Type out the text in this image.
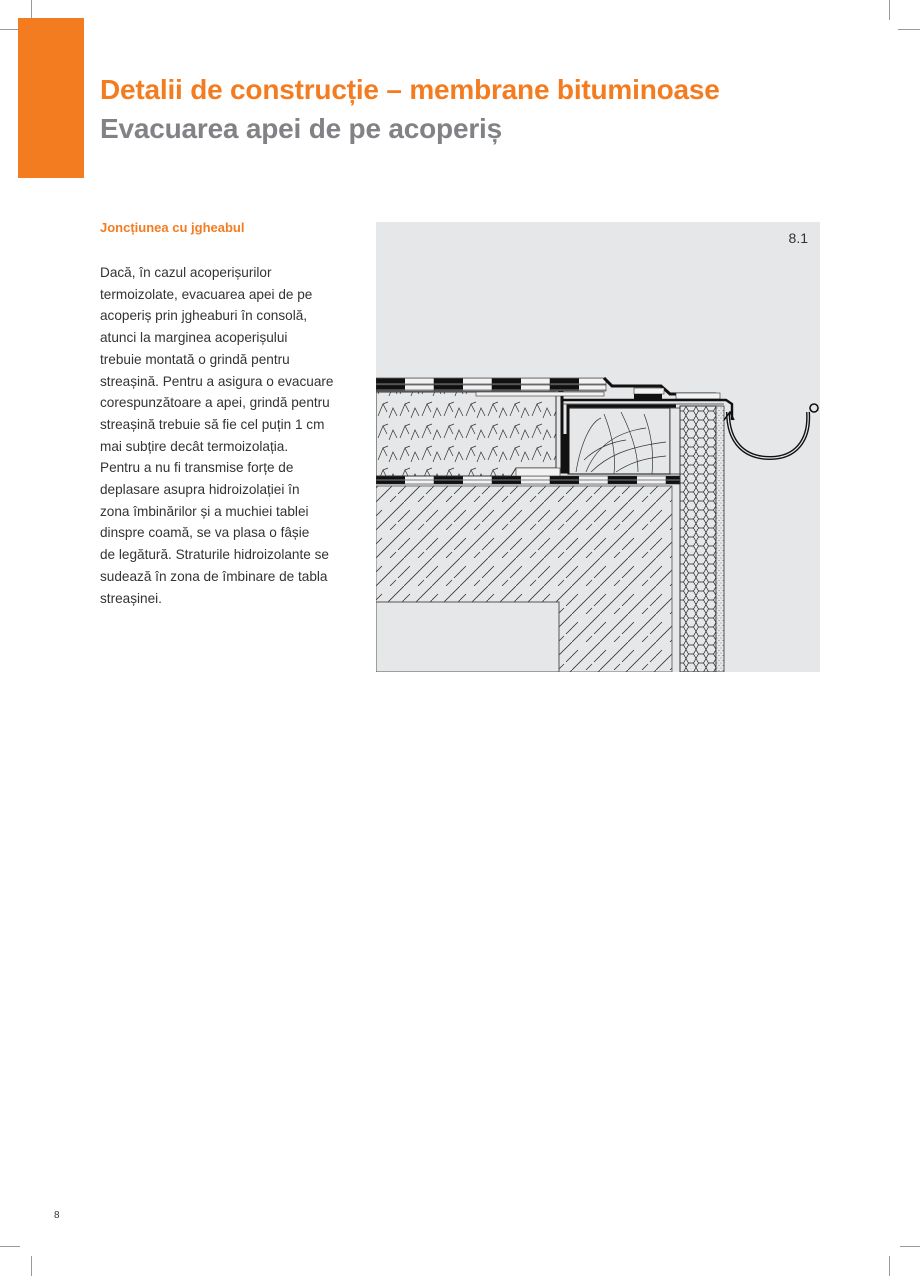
Detalii de construcție – membrane bituminoase
Evacuarea apei de pe acoperiș
Joncțiunea cu jgheabul
Dacă, în cazul acoperișurilor
termoizolate, evacuarea apei de pe
acoperiș prin jgheaburi în consolă,
atunci la marginea acoperișului
trebuie montată o grindă pentru
streașină. Pentru a asigura o evacuare
corespunzătoare a apei, grindă pentru
streașină trebuie să fie cel puțin 1 cm
mai subțire decât termoizolația.
Pentru a nu fi transmise forțe de
deplasare asupra hidroizolației în
zona îmbinărilor și a muchiei tablei
dinspre coamă, se va plasa o fâșie
de legătură. Straturile hidroizolante se
sudează în zona de îmbinare de tabla
streașinei.
8.1
8
